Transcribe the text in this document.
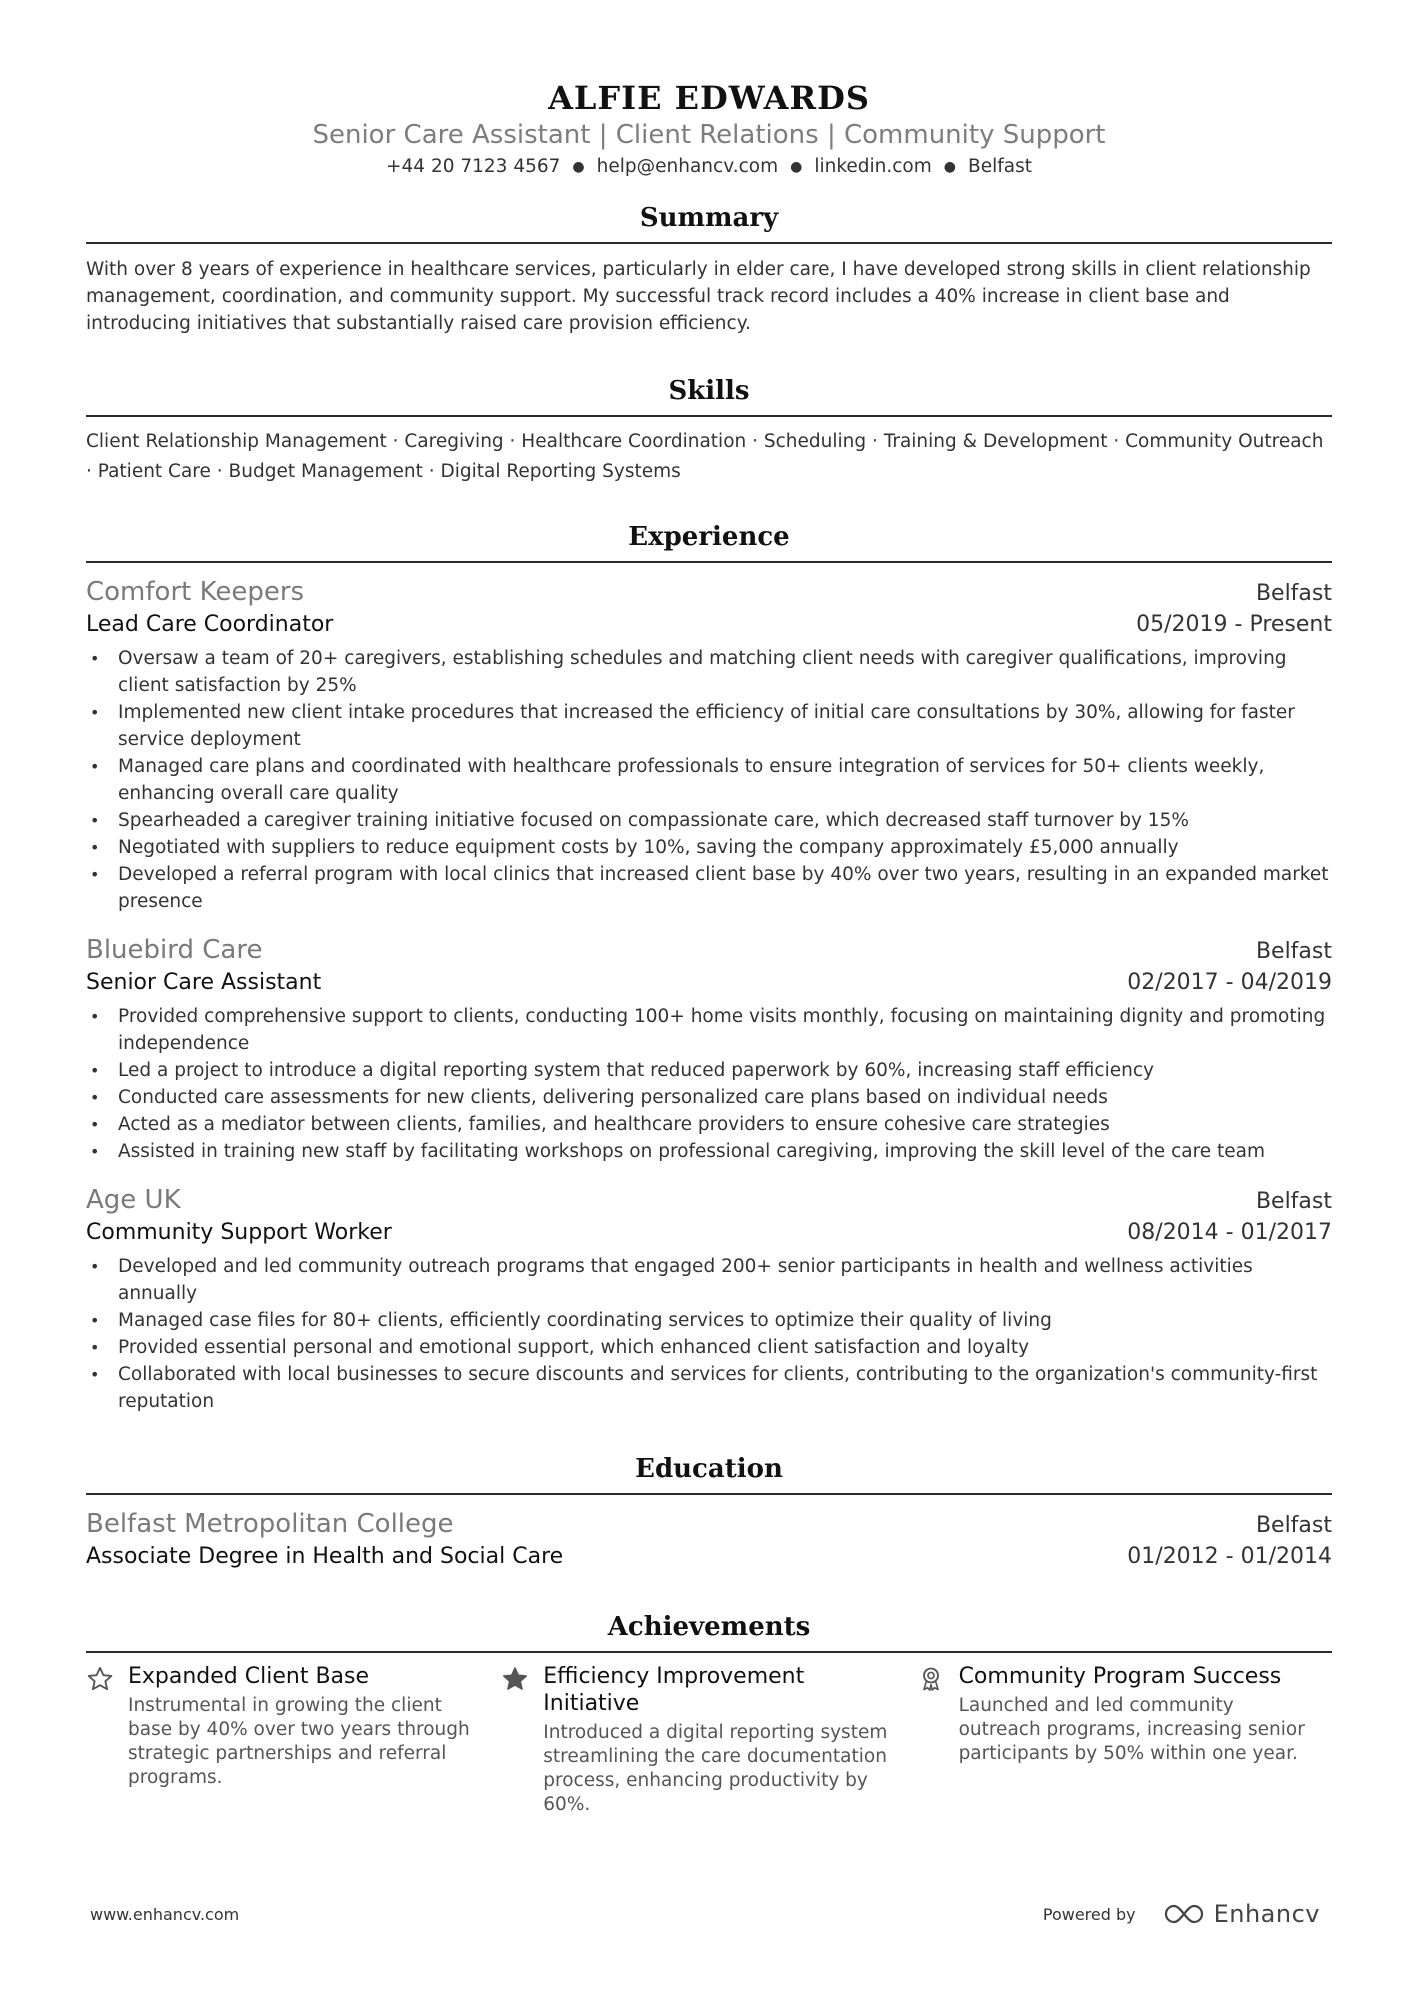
ALFIE EDWARDS
Senior Care Assistant | Client Relations | Community Support
+44 20 7123 4567 ● help@enhancv.com ● linkedin.com ● Belfast
Summary
With over 8 years of experience in healthcare services, particularly in elder care, I have developed strong skills in client relationship management, coordination, and community support. My successful track record includes a 40% increase in client base and introducing initiatives that substantially raised care provision efficiency.
Skills
Client Relationship Management · Caregiving · Healthcare Coordination · Scheduling · Training & Development · Community Outreach · Patient Care · Budget Management · Digital Reporting Systems
Experience
Comfort Keepers	Belfast
Lead Care Coordinator	05/2019 - Present
• Oversaw a team of 20+ caregivers, establishing schedules and matching client needs with caregiver qualifications, improving client satisfaction by 25%
• Implemented new client intake procedures that increased the efficiency of initial care consultations by 30%, allowing for faster service deployment
• Managed care plans and coordinated with healthcare professionals to ensure integration of services for 50+ clients weekly, enhancing overall care quality
• Spearheaded a caregiver training initiative focused on compassionate care, which decreased staff turnover by 15%
• Negotiated with suppliers to reduce equipment costs by 10%, saving the company approximately £5,000 annually
• Developed a referral program with local clinics that increased client base by 40% over two years, resulting in an expanded market presence
Bluebird Care	Belfast
Senior Care Assistant	02/2017 - 04/2019
• Provided comprehensive support to clients, conducting 100+ home visits monthly, focusing on maintaining dignity and promoting independence
• Led a project to introduce a digital reporting system that reduced paperwork by 60%, increasing staff efficiency
• Conducted care assessments for new clients, delivering personalized care plans based on individual needs
• Acted as a mediator between clients, families, and healthcare providers to ensure cohesive care strategies
• Assisted in training new staff by facilitating workshops on professional caregiving, improving the skill level of the care team
Age UK	Belfast
Community Support Worker	08/2014 - 01/2017
• Developed and led community outreach programs that engaged 200+ senior participants in health and wellness activities annually
• Managed case files for 80+ clients, efficiently coordinating services to optimize their quality of living
• Provided essential personal and emotional support, which enhanced client satisfaction and loyalty
• Collaborated with local businesses to secure discounts and services for clients, contributing to the organization's community-first reputation
Education
Belfast Metropolitan College	Belfast
Associate Degree in Health and Social Care	01/2012 - 01/2014
Achievements
Expanded Client Base
Instrumental in growing the client base by 40% over two years through strategic partnerships and referral programs.
Efficiency Improvement Initiative
Introduced a digital reporting system streamlining the care documentation process, enhancing productivity by 60%.
Community Program Success
Launched and led community outreach programs, increasing senior participants by 50% within one year.
www.enhancv.com	Powered by	Enhancv
